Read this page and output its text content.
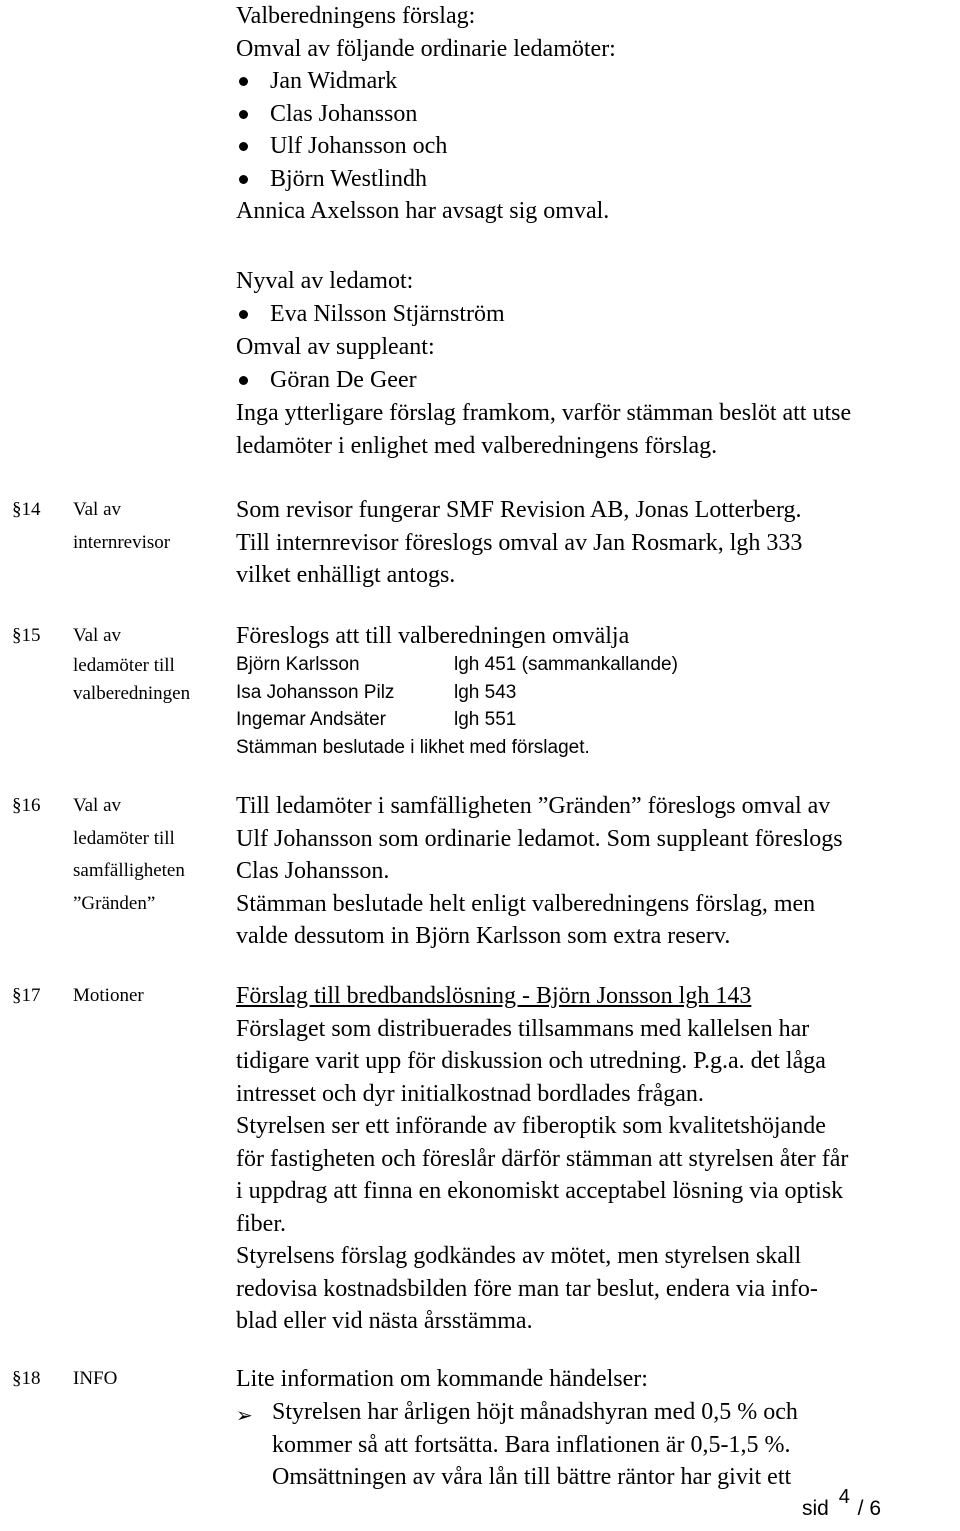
Valberedningens förslag:
Omval av följande ordinarie ledamöter:
Jan Widmark
Clas Johansson
Ulf Johansson och
Björn Westlindh
Annica Axelsson har avsagt sig omval.
Nyval av ledamot:
Eva Nilsson Stjärnström
Omval av suppleant:
Göran De Geer
Inga ytterligare förslag framkom, varför stämman beslöt att utse
ledamöter i enlighet med valberedningens förslag.
§14 Val av
internrevisor
Som revisor fungerar SMF Revision AB, Jonas Lotterberg.
Till internrevisor föreslogs omval av Jan Rosmark, lgh 333
vilket enhälligt antogs.
§15 Val av
ledamöter till
valberedningen
Föreslogs att till valberedningen omvälja
Björn Karlsson	lgh 451 (sammankallande)
Isa Johansson Pilz	lgh 543
Ingemar Andsäter	lgh 551
Stämman beslutade i likhet med förslaget.
§16 Val av
ledamöter till
samfälligheten
”Gränden”
Till ledamöter i samfälligheten ”Gränden” föreslogs omval av
Ulf Johansson som ordinarie ledamot. Som suppleant föreslogs
Clas Johansson.
Stämman beslutade helt enligt valberedningens förslag, men
valde dessutom in Björn Karlsson som extra reserv.
§17 Motioner	Förslag till bredbandslösning - Björn Jonsson lgh 143
Förslaget som distribuerades tillsammans med kallelsen har
tidigare varit upp för diskussion och utredning. P.g.a. det låga
intresset och dyr initialkostnad bordlades frågan.
Styrelsen ser ett införande av fiberoptik som kvalitetshöjande
för fastigheten och föreslår därför stämman att styrelsen åter får
i uppdrag att finna en ekonomiskt acceptabel lösning via optisk
fiber.
Styrelsens förslag godkändes av mötet, men styrelsen skall
redovisa kostnadsbilden före man tar beslut, endera via info-
blad eller vid nästa årsstämma.
§18 INFO	Lite information om kommande händelser:
➢ Styrelsen har årligen höjt månadshyran med 0,5 % och
kommer så att fortsätta. Bara inflationen är 0,5-1,5 %.
Omsättningen av våra lån till bättre räntor har givit ett
sid 4 / 6
